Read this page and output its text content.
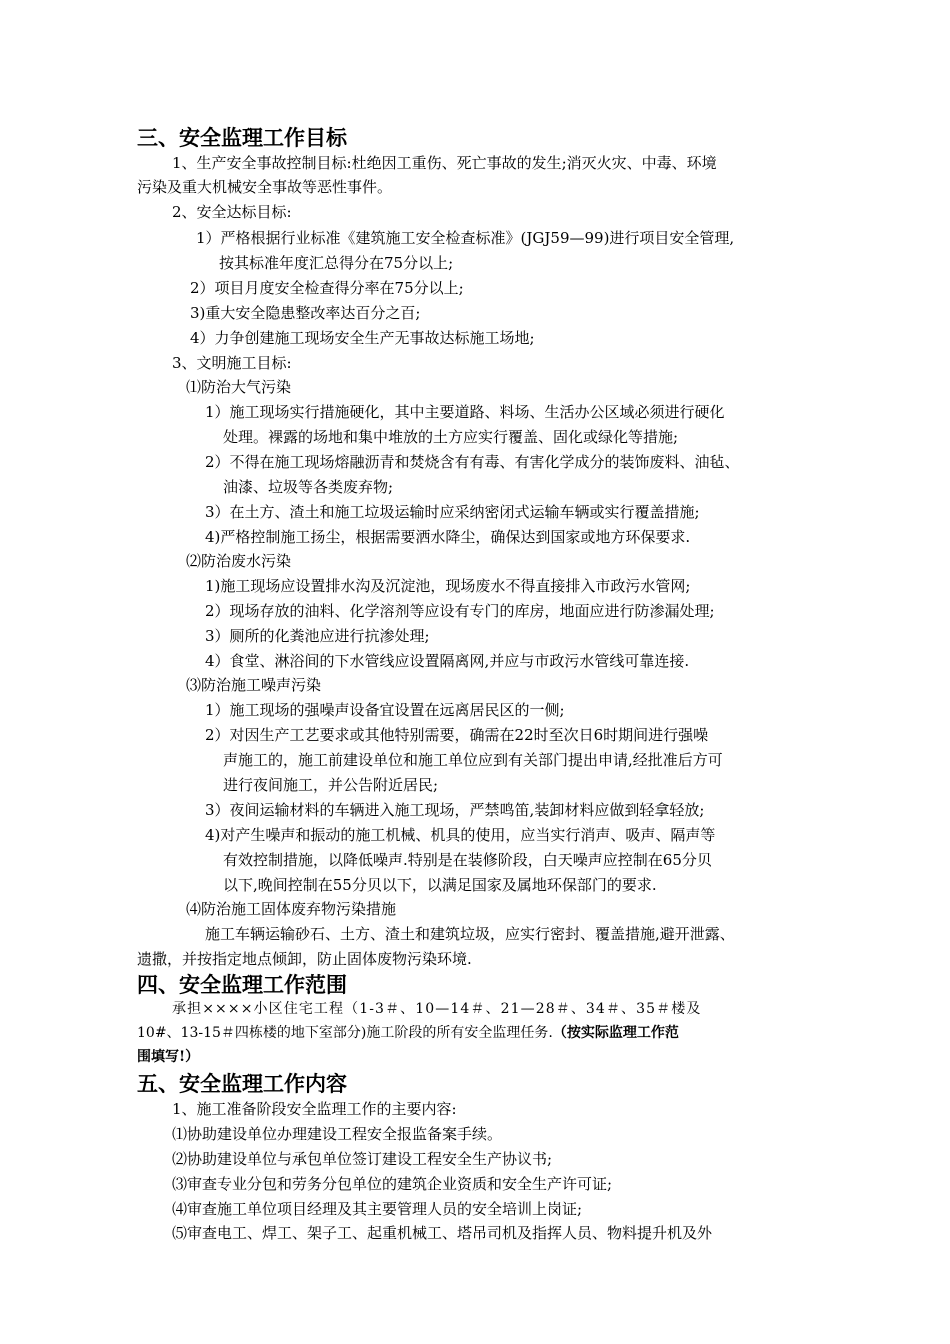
三、安全监理工作目标
1、生产安全事故控制目标:杜绝因工重伤、死亡事故的发生;消灭火灾、中毒、环境
污染及重大机械安全事故等恶性事件。
2、安全达标目标:
1）严格根据行业标准《建筑施工安全检查标准》(JGJ59—99)进行项目安全管理,
按其标准年度汇总得分在75分以上;
2）项目月度安全检查得分率在75分以上;
3)重大安全隐患整改率达百分之百;
4）力争创建施工现场安全生产无事故达标施工场地;
3、文明施工目标:
⑴防治大气污染
1）施工现场实行措施硬化，其中主要道路、料场、生活办公区域必须进行硬化
处理。裸露的场地和集中堆放的土方应实行覆盖、固化或绿化等措施;
2）不得在施工现场熔融沥青和焚烧含有有毒、有害化学成分的装饰废料、油毡、
油漆、垃圾等各类废弃物;
3）在土方、渣土和施工垃圾运输时应采纳密闭式运输车辆或实行覆盖措施;
4)严格控制施工扬尘，根据需要洒水降尘，确保达到国家或地方环保要求.
⑵防治废水污染
1)施工现场应设置排水沟及沉淀池，现场废水不得直接排入市政污水管网;
2）现场存放的油料、化学溶剂等应设有专门的库房，地面应进行防渗漏处理;
3）厕所的化粪池应进行抗渗处理;
4）食堂、淋浴间的下水管线应设置隔离网,并应与市政污水管线可靠连接.
⑶防治施工噪声污染
1）施工现场的强噪声设备宜设置在远离居民区的一侧;
2）对因生产工艺要求或其他特别需要，确需在22时至次日6时期间进行强噪
声施工的，施工前建设单位和施工单位应到有关部门提出申请,经批准后方可
进行夜间施工，并公告附近居民;
3）夜间运输材料的车辆进入施工现场，严禁鸣笛,装卸材料应做到轻拿轻放;
4)对产生噪声和振动的施工机械、机具的使用，应当实行消声、吸声、隔声等
有效控制措施，以降低噪声.特别是在装修阶段，白天噪声应控制在65分贝
以下,晚间控制在55分贝以下，以满足国家及属地环保部门的要求.
⑷防治施工固体废弃物污染措施
施工车辆运输砂石、土方、渣土和建筑垃圾，应实行密封、覆盖措施,避开泄露、
遗撒，并按指定地点倾卸，防止固体废物污染环境.
四、安全监理工作范围
承担××××小区住宅工程（1-3＃、10—14＃、21—28＃、34＃、35＃楼及
10#、13-15＃四栋楼的地下室部分)施工阶段的所有安全监理任务.（按实际监理工作范
围填写!）
五、安全监理工作内容
1、施工准备阶段安全监理工作的主要内容:
⑴协助建设单位办理建设工程安全报监备案手续。
⑵协助建设单位与承包单位签订建设工程安全生产协议书;
⑶审查专业分包和劳务分包单位的建筑企业资质和安全生产许可证;
⑷审查施工单位项目经理及其主要管理人员的安全培训上岗证;
⑸审查电工、焊工、架子工、起重机械工、塔吊司机及指挥人员、物料提升机及外
